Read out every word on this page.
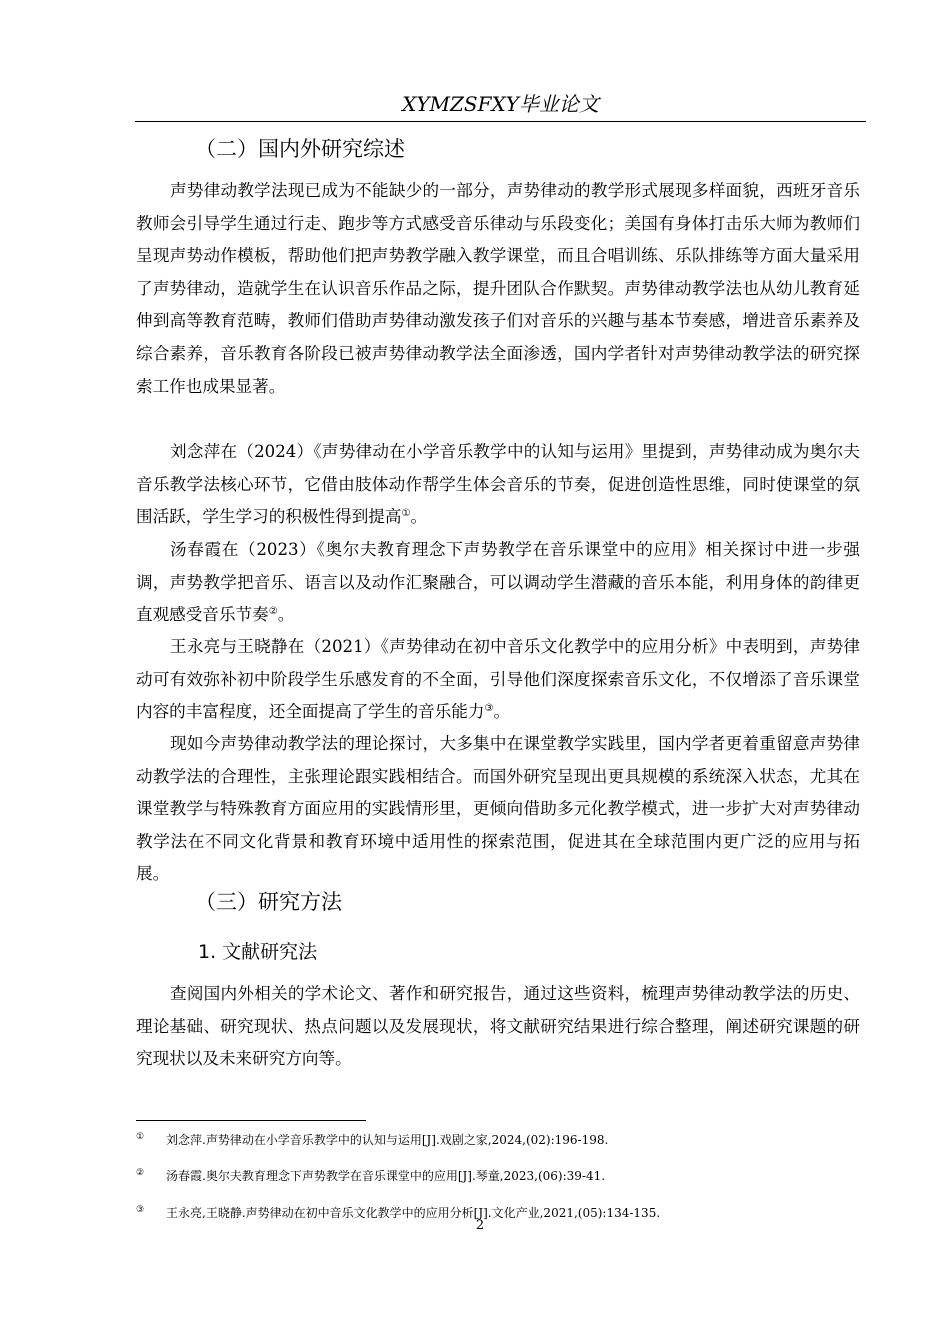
XYMZSFXY毕业论文
（二）国内外研究综述

声势律动教学法现已成为不能缺少的一部分，声势律动的教学形式展现多样面貌，西班牙音乐教师会引导学生通过行走、跑步等方式感受音乐律动与乐段变化；美国有身体打击乐大师为教师们呈现声势动作模板，帮助他们把声势教学融入教学课堂，而且合唱训练、乐队排练等方面大量采用了声势律动，造就学生在认识音乐作品之际，提升团队合作默契。声势律动教学法也从幼儿教育延伸到高等教育范畴，教师们借助声势律动激发孩子们对音乐的兴趣与基本节奏感，增进音乐素养及综合素养，音乐教育各阶段已被声势律动教学法全面渗透，国内学者针对声势律动教学法的研究探索工作也成果显著。

刘念萍在（2024）《声势律动在小学音乐教学中的认知与运用》里提到，声势律动成为奥尔夫音乐教学法核心环节，它借由肢体动作帮学生体会音乐的节奏，促进创造性思维，同时使课堂的氛围活跃，学生学习的积极性得到提高①。

汤春霞在（2023）《奥尔夫教育理念下声势教学在音乐课堂中的应用》相关探讨中进一步强调，声势教学把音乐、语言以及动作汇聚融合，可以调动学生潜藏的音乐本能，利用身体的韵律更直观感受音乐节奏②。

王永亮与王晓静在（2021）《声势律动在初中音乐文化教学中的应用分析》中表明到，声势律动可有效弥补初中阶段学生乐感发育的不全面，引导他们深度探索音乐文化，不仅增添了音乐课堂内容的丰富程度，还全面提高了学生的音乐能力③。

现如今声势律动教学法的理论探讨，大多集中在课堂教学实践里，国内学者更着重留意声势律动教学法的合理性，主张理论跟实践相结合。而国外研究呈现出更具规模的系统深入状态，尤其在课堂教学与特殊教育方面应用的实践情形里，更倾向借助多元化教学模式，进一步扩大对声势律动教学法在不同文化背景和教育环境中适用性的探索范围，促进其在全球范围内更广泛的应用与拓展。

（三）研究方法
1. 文献研究法

查阅国内外相关的学术论文、著作和研究报告，通过这些资料，梳理声势律动教学法的历史、理论基础、研究现状、热点问题以及发展现状，将文献研究结果进行综合整理，阐述研究课题的研究现状以及未来研究方向等。

① 刘念萍.声势律动在小学音乐教学中的认知与运用[J].戏剧之家,2024,(02):196-198.
② 汤春霞.奥尔夫教育理念下声势教学在音乐课堂中的应用[J].琴童,2023,(06):39-41.
③ 王永亮,王晓静.声势律动在初中音乐文化教学中的应用分析[J].文化产业,2021,(05):134-135.
2
